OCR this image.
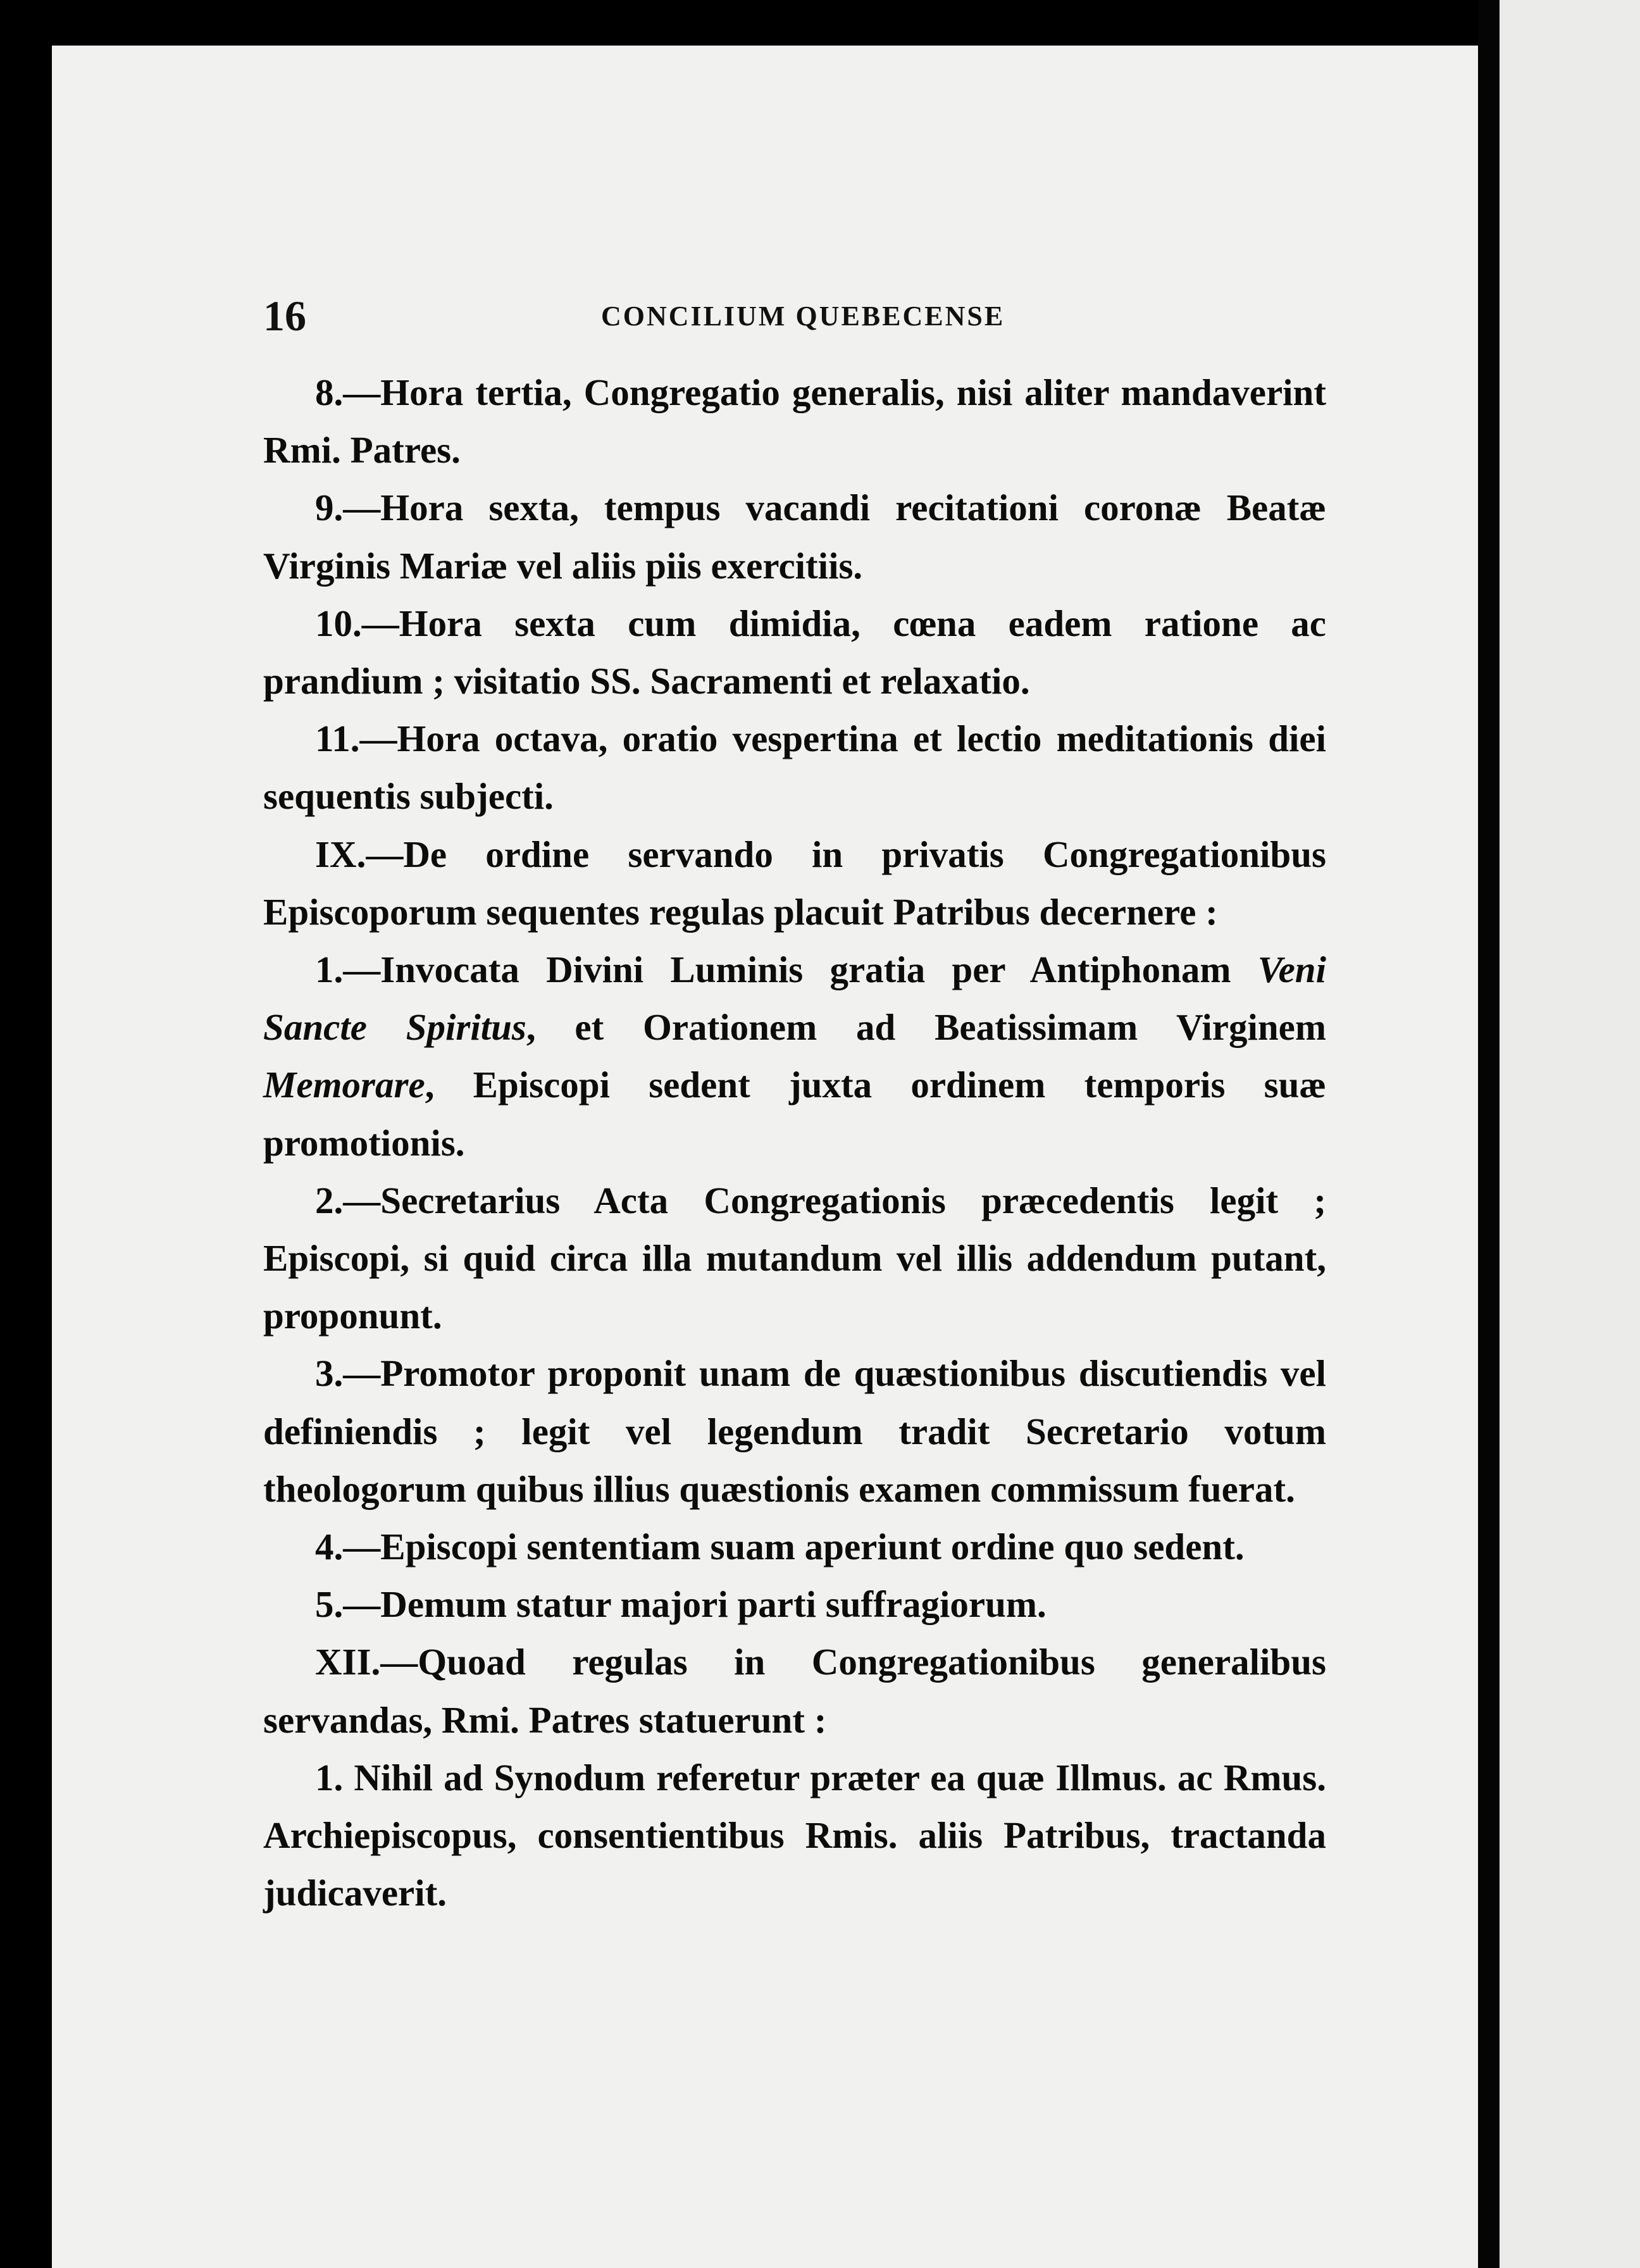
16	CONCILIUM QUEBECENSE

8.—Hora tertia, Congregatio generalis, nisi aliter mandaverint Rmi. Patres.

9.—Hora sexta, tempus vacandi recitationi coronæ Beatæ Virginis Mariæ vel aliis piis exercitiis.

10.—Hora sexta cum dimidia, cœna eadem ratione ac prandium ; visitatio SS. Sacramenti et relaxatio.

11.—Hora octava, oratio vespertina et lectio meditationis diei sequentis subjecti.

IX.—De ordine servando in privatis Congregationibus Episcoporum sequentes regulas placuit Patribus decernere :

1.—Invocata Divini Luminis gratia per Antiphonam Veni Sancte Spiritus, et Orationem ad Beatissimam Virginem Memorare, Episcopi sedent juxta ordinem temporis suæ promotionis.

2.—Secretarius Acta Congregationis præcedentis legit ; Episcopi, si quid circa illa mutandum vel illis addendum putant, proponunt.

3.—Promotor proponit unam de quæstionibus discutiendis vel definiendis ; legit vel legendum tradit Secretario votum theologorum quibus illius quæstionis examen commissum fuerat.

4.—Episcopi sententiam suam aperiunt ordine quo sedent.

5.—Demum statur majori parti suffragiorum.

XII.—Quoad regulas in Congregationibus generalibus servandas, Rmi. Patres statuerunt :

1. Nihil ad Synodum referetur præter ea quæ Illmus. ac Rmus. Archiepiscopus, consentientibus Rmis. aliis Patribus, tractanda judicaverit.
